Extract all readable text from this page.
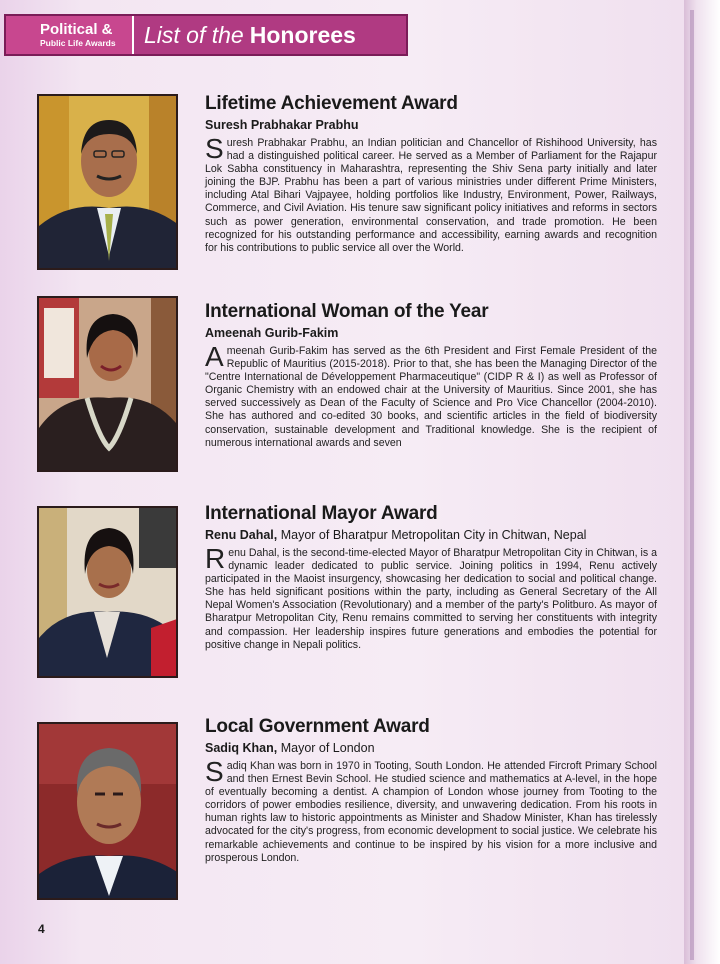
Political &
Public Life Awards	List of the Honorees
Lifetime Achievement Award
Suresh Prabhakar Prabhu
Suresh Prabhakar Prabhu, an Indian politician and Chancellor of Rishihood University, has had a distinguished political career. He served as a Member of Parliament for the Rajapur Lok Sabha constituency in Maharashtra, representing the Shiv Sena party initially and later joining the BJP. Prabhu has been a part of various ministries under different Prime Ministers, including Atal Bihari Vajpayee, holding portfolios like Industry, Environment, Power, Railways, Commerce, and Civil Aviation. His tenure saw significant policy initiatives and reforms in sectors such as power generation, environmental conservation, and trade promotion. He been recognized for his outstanding performance and accessibility, earning awards and recognition for his contributions to public service all over the World.
International Woman of the Year
Ameenah Gurib-Fakim
Ameenah Gurib-Fakim has served as the 6th President and First Female President of the Republic of Mauritius (2015-2018). Prior to that, she has been the Managing Director of the "Centre International de Développement Pharmaceutique" (CIDP R & I) as well as Professor of Organic Chemistry with an endowed chair at the University of Mauritius. Since 2001, she has served successively as Dean of the Faculty of Science and Pro Vice Chancellor (2004-2010). She has authored and co-edited 30 books, and scientific articles in the field of biodiversity conservation, sustainable development and Traditional knowledge. She is the recipient of numerous international awards and seven
International Mayor Award
Renu Dahal, Mayor of Bharatpur Metropolitan City in Chitwan, Nepal
Renu Dahal, is the second-time-elected Mayor of Bharatpur Metropolitan City in Chitwan, is a dynamic leader dedicated to public service. Joining politics in 1994, Renu actively participated in the Maoist insurgency, showcasing her dedication to social and political change. She has held significant positions within the party, including as General Secretary of the All Nepal Women's Association (Revolutionary) and a member of the party's Politburo. As mayor of Bharatpur Metropolitan City, Renu remains committed to serving her constituents with integrity and compassion. Her leadership inspires future generations and embodies the potential for positive change in Nepali politics.
Local Government Award
Sadiq Khan, Mayor of London
Sadiq Khan was born in 1970 in Tooting, South London. He attended Fircroft Primary School and then Ernest Bevin School. He studied science and mathematics at A-level, in the hope of eventually becoming a dentist. A champion of London whose journey from Tooting to the corridors of power embodies resilience, diversity, and unwavering dedication. From his roots in human rights law to historic appointments as Minister and Shadow Minister, Khan has tirelessly advocated for the city's progress, from economic development to social justice. We celebrate his remarkable achievements and continue to be inspired by his vision for a more inclusive and prosperous London.
4
